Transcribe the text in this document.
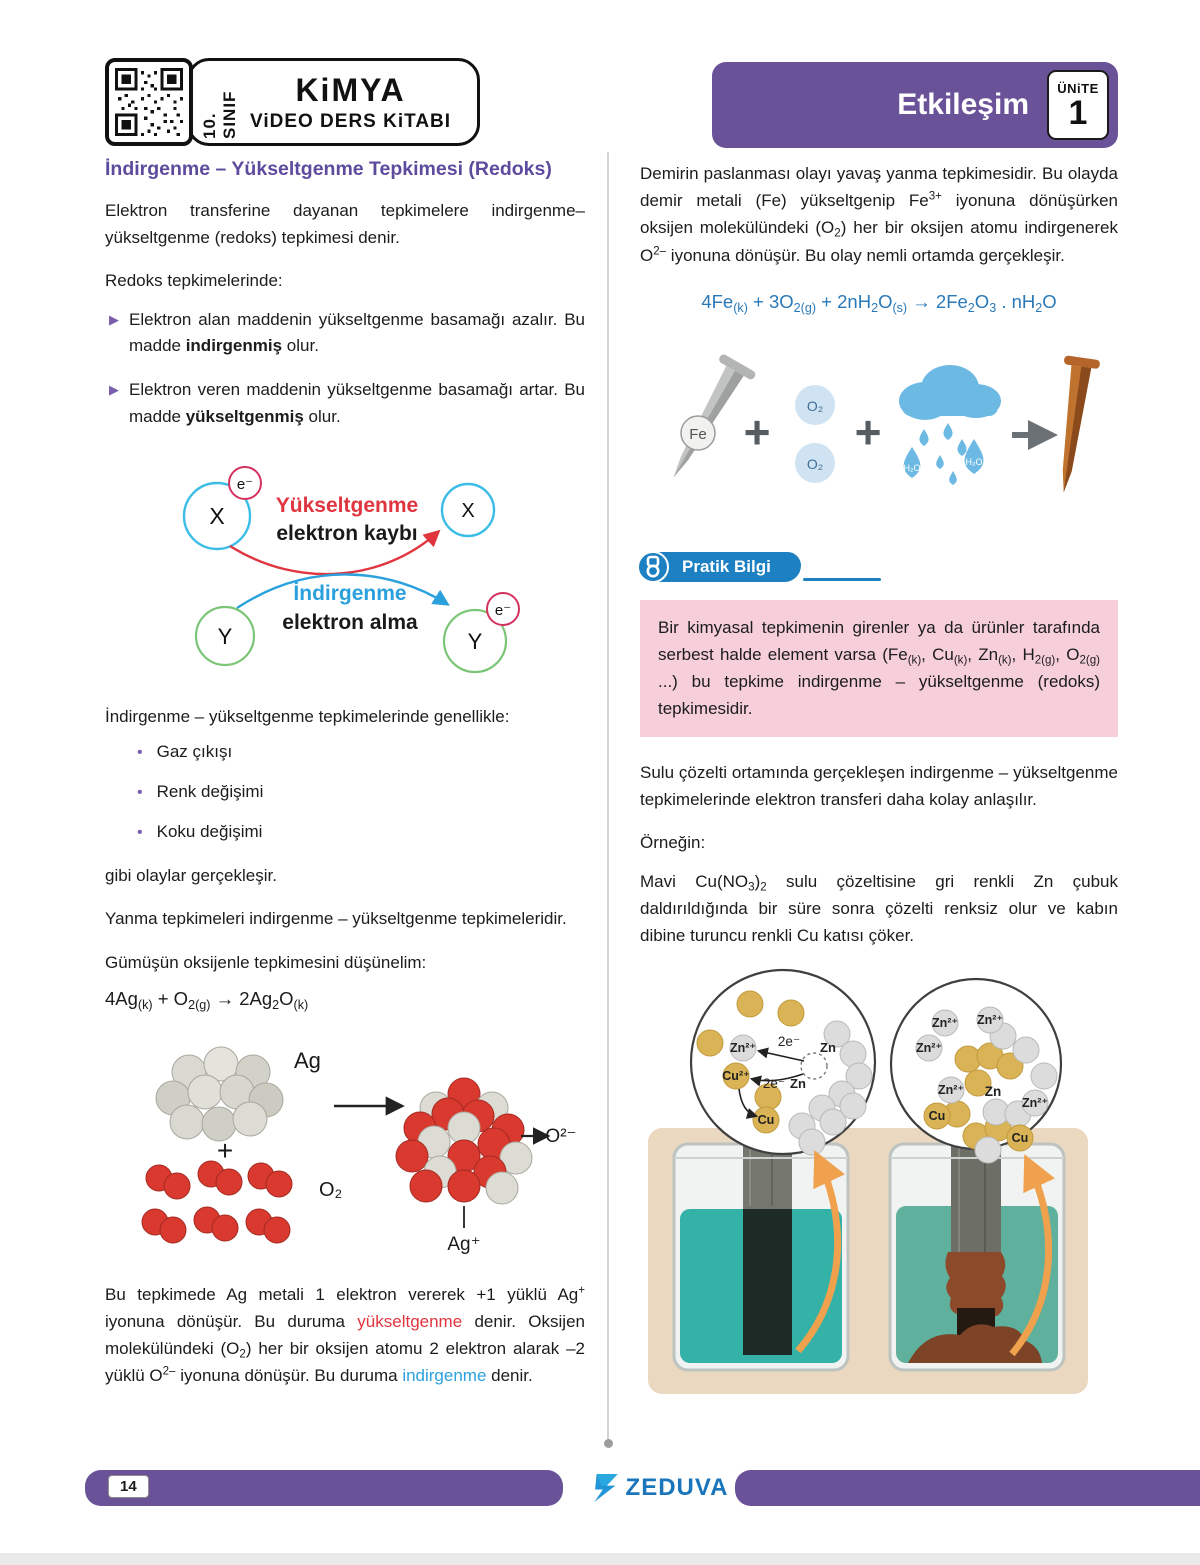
10. SINIF
KiMYA
ViDEO DERS KiTABI	Etkileşim ÜNiTE
1
İndirgenme – Yükseltgenme Tepkimesi (Redoks)

Elektron transferine dayanan tepkimelere indirgenme–yükseltgenme (redoks) tepkimesi denir.

Redoks tepkimelerinde:

▶ Elektron alan maddenin yükseltgenme basamağı azalır. Bu madde indirgenmiş olur.
▶ Elektron veren maddenin yükseltgenme basamağı artar. Bu madde yükseltgenmiş olur.
e⁻
X Yükseltgenme
elektron kaybı
X
İndirgenme
elektron alma
Y
e⁻
Y

İndirgenme – yükseltgenme tepkimelerinde genellikle:

• Gaz çıkışı
• Renk değişimi
• Koku değişimi

gibi olaylar gerçekleşir.

Yanma tepkimeleri indirgenme – yükseltgenme tepkimeleridir.

Gümüşün oksijenle tepkimesini düşünelim:

$4Ag_{(k)} + O_{2(g)} \to 2Ag_2O_{(k)}$
Ag
+
O₂
O²⁻
Ag⁺

Bu tepkimede Ag metali 1 elektron vererek +1 yüklü Ag+ iyonuna dönüşür. Bu duruma yükseltgenme denir. Oksijen molekülündeki $(O_2)$ her bir oksijen atomu 2 elektron alarak –2 yüklü $O^{2-}$ iyonuna dönüşür. Bu duruma indirgenme denir.

Demirin paslanması olayı yavaş yanma tepkimesidir. Bu olayda demir metali (Fe) yükseltgenip $Fe^{3+}$ iyonuna dönüşürken oksijen molekülündeki $(O_2)$ her bir oksijen atomu indirgenerek $O^{2-}$ iyonuna dönüşür. Bu olay nemli ortamda gerçekleşir.

$4Fe_{(k)} + 3O_{2(g)} + 2nH_2O_{(s)} \to 2Fe_2O_3$ . $nH_2O$
Fe +	O₂
O₂
+
H₂O
H₂O
Pratik Bilgi
Bir kimyasal tepkimenin girenler ya da ürünler tarafında serbest halde element varsa ($Fe_{(k)}$, $Cu_{(k)}$, $Zn_{(k)}$, $H_{2(g)}$, $O_{2(g)}$ ...) bu tepkime indirgenme – yükseltgenme (redoks) tepkimesidir.

Sulu çözelti ortamında gerçekleşen indirgenme – yükseltgenme tepkimelerinde elektron transferi daha kolay anlaşılır.

Örneğin:

Mavi $Cu(NO_3)_2$ sulu çözeltisine gri renkli Zn çubuk daldırıldığında bir süre sonra çözelti renksiz olur ve kabın dibine turuncu renkli Cu katısı çöker.

Zn²⁺
Cu²⁺
Cu
Zn
Zn
2e⁻
2e⁻
Zn²⁺ Zn²⁺
Zn²⁺
Zn²⁺
Zn²⁺
Zn
Cu
Cu
14	ZEDUVA
